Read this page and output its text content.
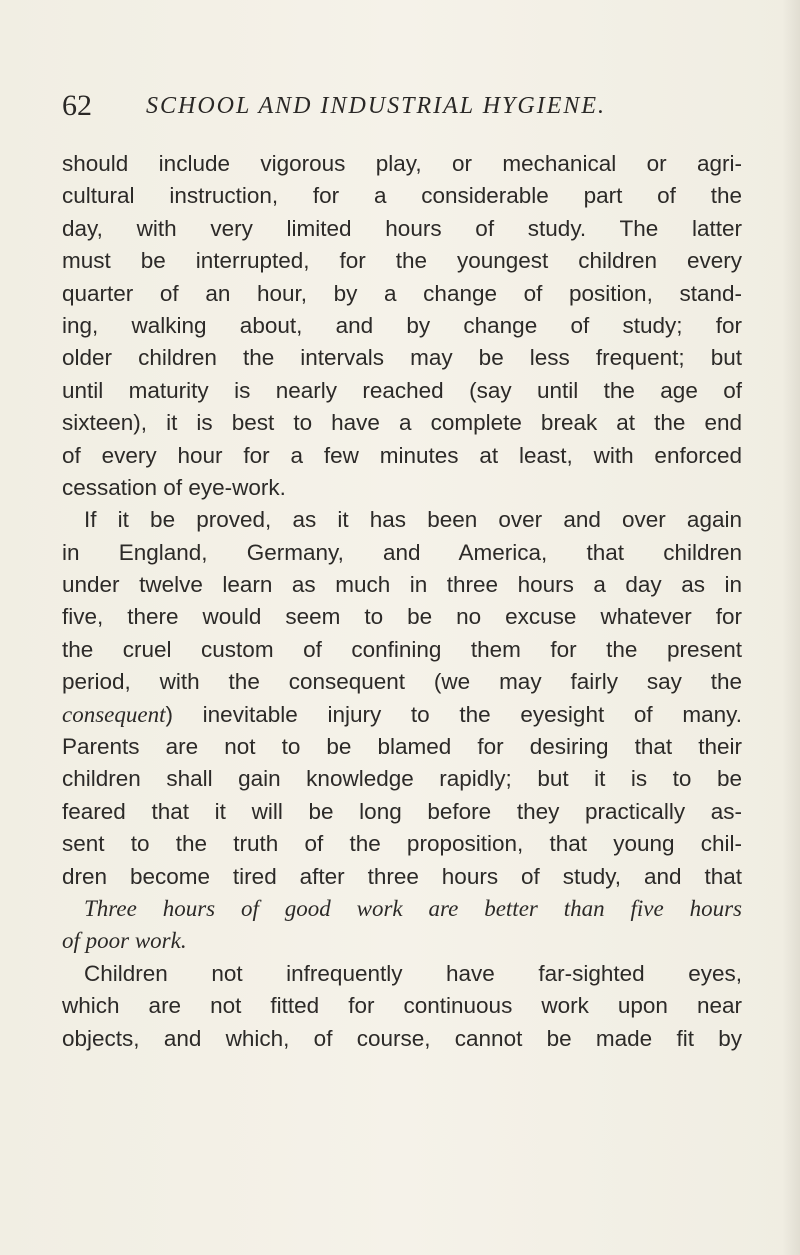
62 SCHOOL AND INDUSTRIAL HYGIENE.
should include vigorous play, or mechanical or agri-
cultural instruction, for a considerable part of the
day, with very limited hours of study. The latter
must be interrupted, for the youngest children every
quarter of an hour, by a change of position, stand-
ing, walking about, and by change of study; for
older children the intervals may be less frequent; but
until maturity is nearly reached (say until the age of
sixteen), it is best to have a complete break at the end
of every hour for a few minutes at least, with enforced
cessation of eye-work.
If it be proved, as it has been over and over again
in England, Germany, and America, that children
under twelve learn as much in three hours a day as in
five, there would seem to be no excuse whatever for
the cruel custom of confining them for the present
period, with the consequent (we may fairly say the
consequent) inevitable injury to the eyesight of many.
Parents are not to be blamed for desiring that their
children shall gain knowledge rapidly; but it is to be
feared that it will be long before they practically as-
sent to the truth of the proposition, that young chil-
dren become tired after three hours of study, and that
Three hours of good work are better than five hours
of poor work.
Children not infrequently have far-sighted eyes,
which are not fitted for continuous work upon near
objects, and which, of course, cannot be made fit by
